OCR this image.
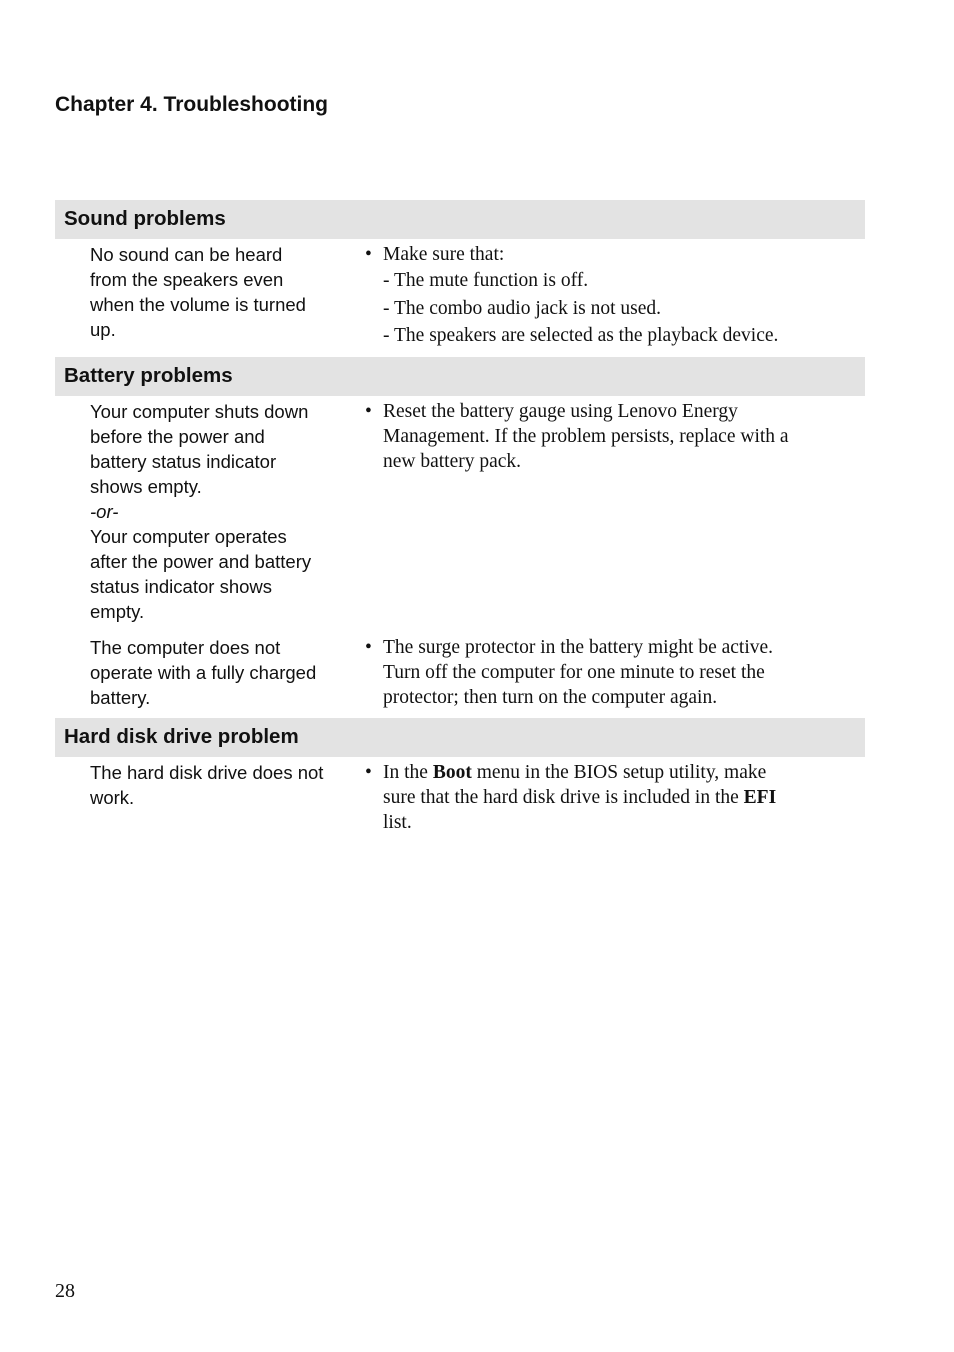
Chapter 4. Troubleshooting
Sound problems
No sound can be heard
from the speakers even
when the volume is turned
up.
• Make sure that:
- The mute function is off.
- The combo audio jack is not used.
- The speakers are selected as the playback device.
Battery problems
Your computer shuts down
before the power and
battery status indicator
shows empty.
-or-
Your computer operates
after the power and battery
status indicator shows
empty.
• Reset the battery gauge using Lenovo Energy
Management. If the problem persists, replace with a
new battery pack.
The computer does not
operate with a fully charged
battery.
• The surge protector in the battery might be active.
Turn off the computer for one minute to reset the
protector; then turn on the computer again.
Hard disk drive problem
The hard disk drive does not
work.
• In the Boot menu in the BIOS setup utility, make
sure that the hard disk drive is included in the EFI
list.
28
